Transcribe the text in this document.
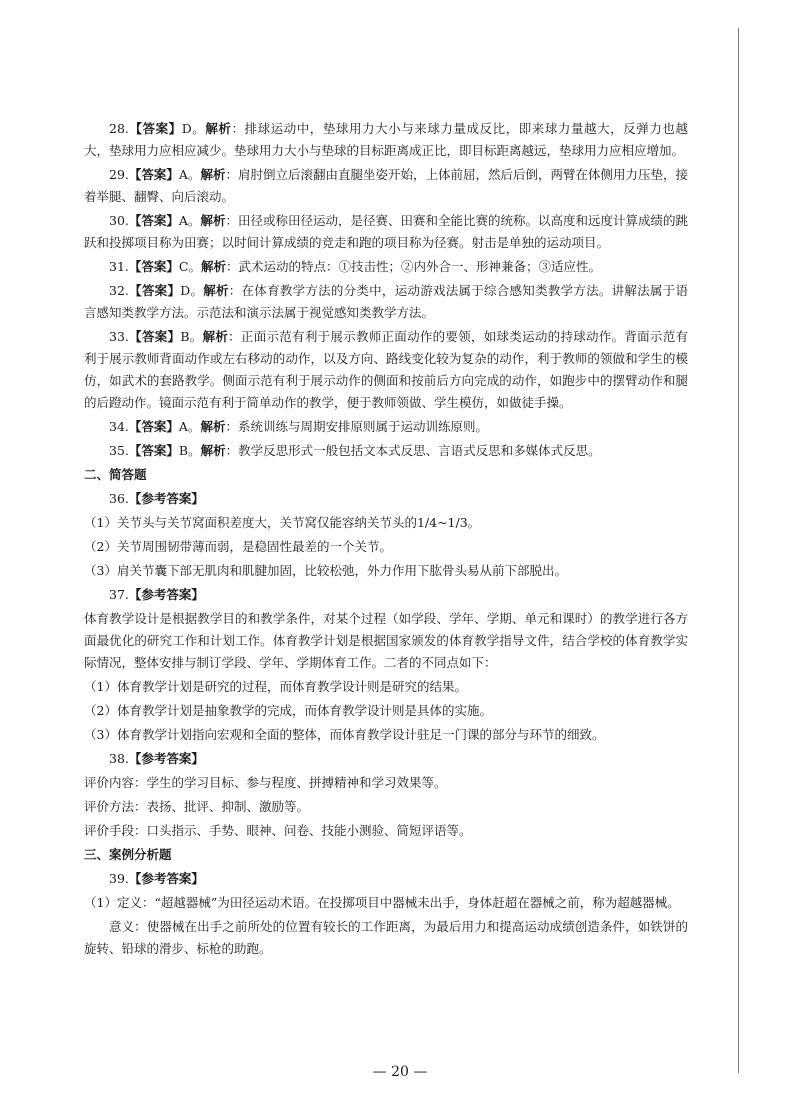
28.【答案】D。解析：排球运动中，垫球用力大小与来球力量成反比，即来球力量越大，反弹力也越大，垫球用力应相应减少。垫球用力大小与垫球的目标距离成正比，即目标距离越远，垫球用力应相应增加。

29.【答案】A。解析：肩肘倒立后滚翻由直腿坐姿开始，上体前屈，然后后倒，两臂在体侧用力压垫，接着举腿、翻臀、向后滚动。

30.【答案】A。解析：田径或称田径运动，是径赛、田赛和全能比赛的统称。以高度和远度计算成绩的跳跃和投掷项目称为田赛；以时间计算成绩的竞走和跑的项目称为径赛。射击是单独的运动项目。

31.【答案】C。解析：武术运动的特点：①技击性；②内外合一、形神兼备；③适应性。

32.【答案】D。解析：在体育教学方法的分类中，运动游戏法属于综合感知类教学方法。讲解法属于语言感知类教学方法。示范法和演示法属于视觉感知类教学方法。

33.【答案】B。解析：正面示范有利于展示教师正面动作的要领，如球类运动的持球动作。背面示范有利于展示教师背面动作或左右移动的动作，以及方向、路线变化较为复杂的动作，利于教师的领做和学生的模仿，如武术的套路教学。侧面示范有利于展示动作的侧面和按前后方向完成的动作，如跑步中的摆臂动作和腿的后蹬动作。镜面示范有利于简单动作的教学，便于教师领做、学生模仿，如做徒手操。

34.【答案】A。解析：系统训练与周期安排原则属于运动训练原则。

35.【答案】B。解析：教学反思形式一般包括文本式反思、言语式反思和多媒体式反思。

二、简答题

36.【参考答案】

（1）关节头与关节窝面积差度大，关节窝仅能容纳关节头的1/4~1/3。

（2）关节周围韧带薄而弱，是稳固性最差的一个关节。

（3）肩关节囊下部无肌肉和肌腱加固，比较松弛，外力作用下肱骨头易从前下部脱出。

37.【参考答案】

体育教学设计是根据教学目的和教学条件，对某个过程（如学段、学年、学期、单元和课时）的教学进行各方面最优化的研究工作和计划工作。体育教学计划是根据国家颁发的体育教学指导文件，结合学校的体育教学实际情况，整体安排与制订学段、学年、学期体育工作。二者的不同点如下：

（1）体育教学计划是研究的过程，而体育教学设计则是研究的结果。

（2）体育教学计划是抽象教学的完成，而体育教学设计则是具体的实施。

（3）体育教学计划指向宏观和全面的整体，而体育教学设计驻足一门课的部分与环节的细致。

38.【参考答案】

评价内容：学生的学习目标、参与程度、拼搏精神和学习效果等。

评价方法：表扬、批评、抑制、激励等。

评价手段：口头指示、手势、眼神、问卷、技能小测验、简短评语等。

三、案例分析题

39.【参考答案】

（1）定义：“超越器械”为田径运动术语。在投掷项目中器械未出手，身体赶超在器械之前，称为超越器械。

意义：使器械在出手之前所处的位置有较长的工作距离，为最后用力和提高运动成绩创造条件，如铁饼的旋转、铅球的滑步、标枪的助跑。

— 20 —
